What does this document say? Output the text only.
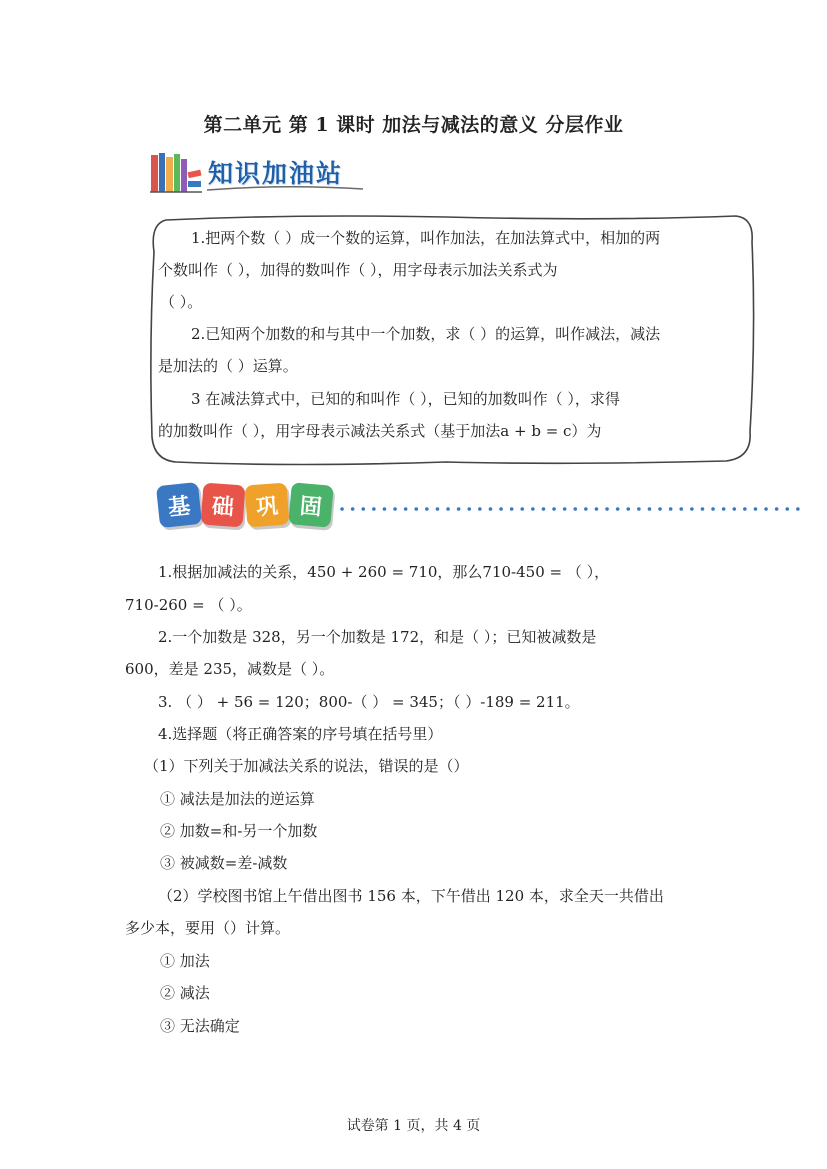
第二单元 第 1 课时 加法与减法的意义 分层作业
知识加油站
1.把两个数（ ）成一个数的运算，叫作加法，在加法算式中，相加的两
个数叫作（ ），加得的数叫作（ ），用字母表示加法关系式为
（ ）。
2.已知两个加数的和与其中一个加数，求（ ）的运算，叫作减法，减法
是加法的（ ）运算。
3 在减法算式中，已知的和叫作（ ），已知的加数叫作（ ），求得
的加数叫作（ ），用字母表示减法关系式（基于加法a + b = c）为
基 础 巩 固
1.根据加减法的关系，450 + 260 = 710，那么710-450 = （ ），
710-260 = （ ）。
2.一个加数是 328，另一个加数是 172，和是（ ）；已知被减数是
600，差是 235，减数是（ ）。
3. （ ） + 56 = 120；800-（ ） = 345；（ ）-189 = 211。
4.选择题（将正确答案的序号填在括号里）
（1）下列关于加减法关系的说法，错误的是（）
① 减法是加法的逆运算
② 加数=和-另一个加数
③ 被减数=差-减数
（2）学校图书馆上午借出图书 156 本，下午借出 120 本，求全天一共借出
多少本，要用（）计算。
① 加法
② 减法
③ 无法确定
试卷第 1 页，共 4 页
